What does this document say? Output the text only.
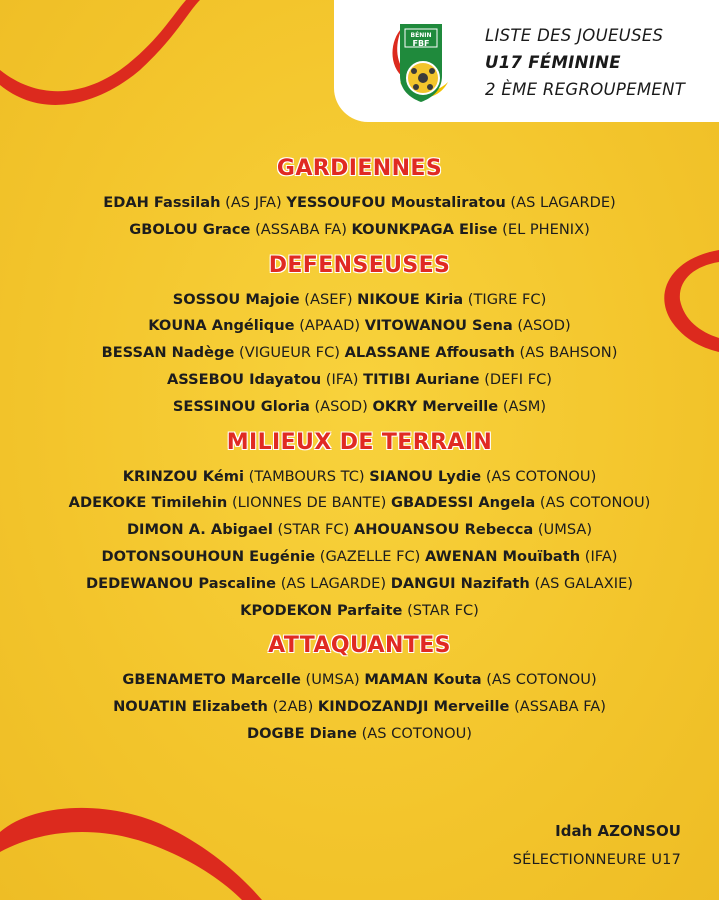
BÉNIN
FBF	LISTE DES JOUEUSES
U17 FÉMININE
2 ÈME REGROUPEMENT
GARDIENNES
EDAH Fassilah (AS JFA) YESSOUFOU Moustaliratou (AS LAGARDE)
GBOLOU Grace (ASSABA FA) KOUNKPAGA Elise (EL PHENIX)
DEFENSEUSES
SOSSOU Majoie (ASEF) NIKOUE Kiria (TIGRE FC)
KOUNA Angélique (APAAD) VITOWANOU Sena (ASOD)
BESSAN Nadège (VIGUEUR FC) ALASSANE Affousath (AS BAHSON)
ASSEBOU Idayatou (IFA) TITIBI Auriane (DEFI FC)
SESSINOU Gloria (ASOD) OKRY Merveille (ASM)
MILIEUX DE TERRAIN
KRINZOU Kémi (TAMBOURS TC) SIANOU Lydie (AS COTONOU)
ADEKOKE Timilehin (LIONNES DE BANTE) GBADESSI Angela (AS COTONOU)
DIMON A. Abigael (STAR FC) AHOUANSOU Rebecca (UMSA)
DOTONSOUHOUN Eugénie (GAZELLE FC) AWENAN Mouïbath (IFA)
DEDEWANOU Pascaline (AS LAGARDE) DANGUI Nazifath (AS GALAXIE)
KPODEKON Parfaite (STAR FC)
ATTAQUANTES
GBENAMETO Marcelle (UMSA) MAMAN Kouta (AS COTONOU)
NOUATIN Elizabeth (2AB) KINDOZANDJI Merveille (ASSABA FA)
DOGBE Diane (AS COTONOU)
Idah AZONSOU
SÉLECTIONNEURE U17
